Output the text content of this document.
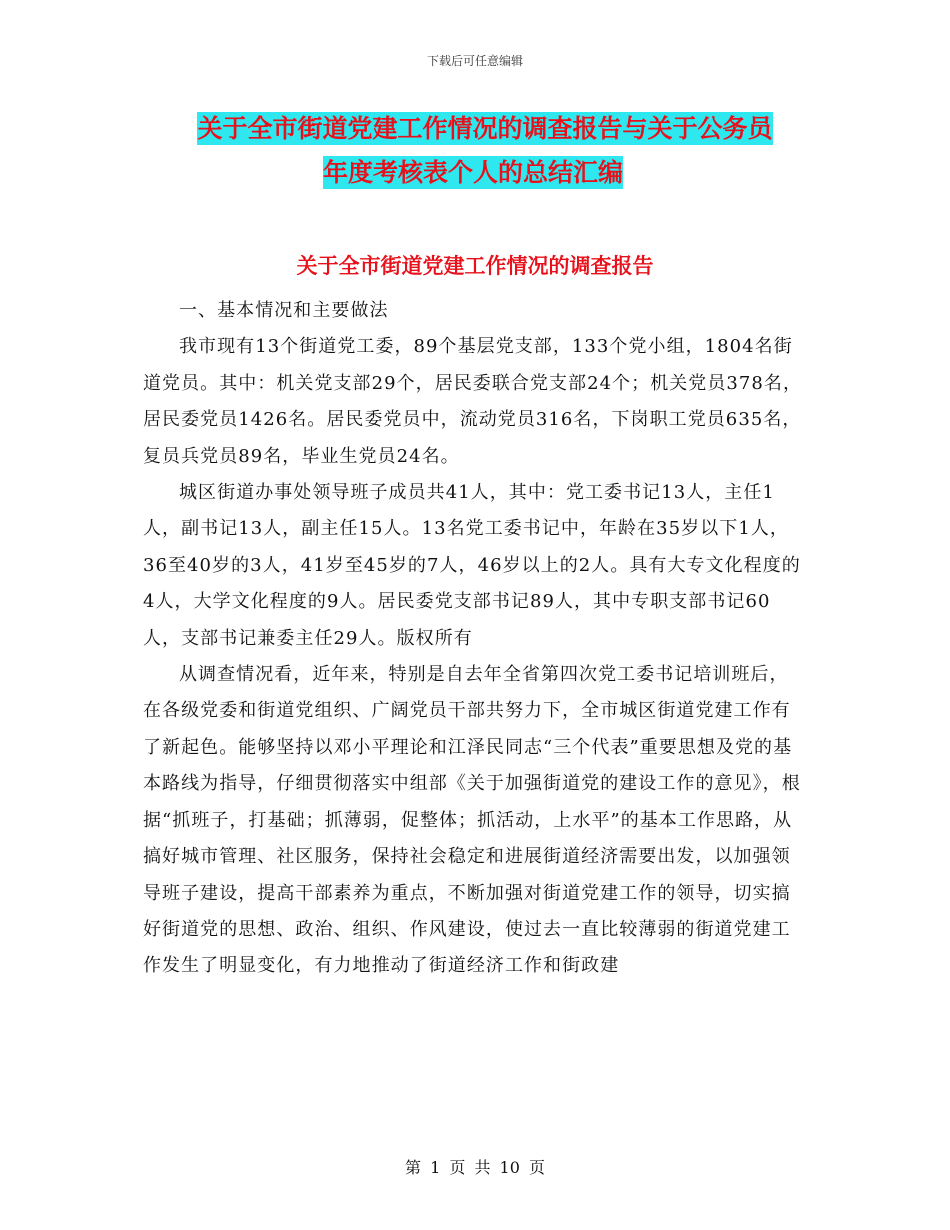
下载后可任意编辑
关于全市街道党建工作情况的调查报告与关于公务员
年度考核表个人的总结汇编
关于全市街道党建工作情况的调查报告

一、基本情况和主要做法

我市现有13个街道党工委，89个基层党支部，133个党小组，1804名街道党员。其中：机关党支部29个，居民委联合党支部24个；机关党员378名，居民委党员1426名。居民委党员中，流动党员316名，下岗职工党员635名，复员兵党员89名，毕业生党员24名。

城区街道办事处领导班子成员共41人，其中：党工委书记13人，主任1人，副书记13人，副主任15人。13名党工委书记中，年龄在35岁以下1人，36至40岁的3人，41岁至45岁的7人，46岁以上的2人。具有大专文化程度的4人，大学文化程度的9人。居民委党支部书记89人，其中专职支部书记60人，支部书记兼委主任29人。版权所有

从调查情况看，近年来，特别是自去年全省第四次党工委书记培训班后，在各级党委和街道党组织、广阔党员干部共努力下，全市城区街道党建工作有了新起色。能够坚持以邓小平理论和江泽民同志“三个代表”重要思想及党的基本路线为指导，仔细贯彻落实中组部《关于加强街道党的建设工作的意见》，根据“抓班子，打基础；抓薄弱，促整体；抓活动，上水平”的基本工作思路，从搞好城市管理、社区服务，保持社会稳定和进展街道经济需要出发，以加强领导班子建设，提高干部素养为重点，不断加强对街道党建工作的领导，切实搞好街道党的思想、政治、组织、作风建设，使过去一直比较薄弱的街道党建工作发生了明显变化，有力地推动了街道经济工作和街政建

第 1 页 共 10 页
